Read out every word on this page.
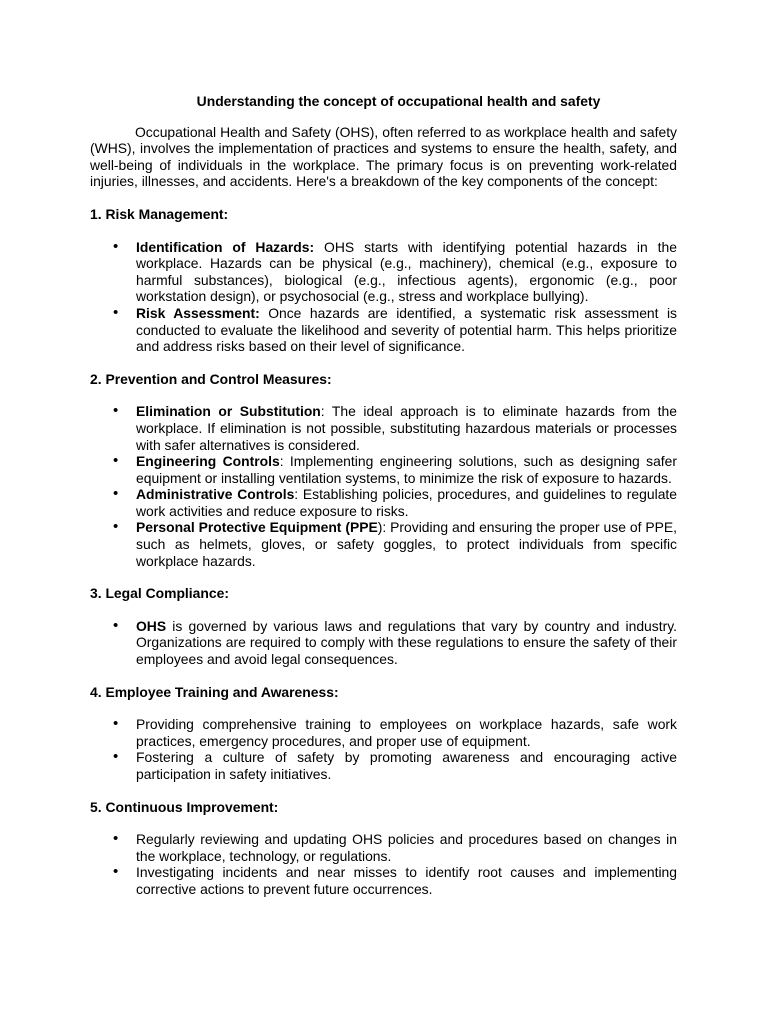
Understanding the concept of occupational health and safety

Occupational Health and Safety (OHS), often referred to as workplace health and safety (WHS), involves the implementation of practices and systems to ensure the health, safety, and well-being of individuals in the workplace. The primary focus is on preventing work-related injuries, illnesses, and accidents. Here's a breakdown of the key components of the concept:

1. Risk Management:
• Identification of Hazards: OHS starts with identifying potential hazards in the workplace. Hazards can be physical (e.g., machinery), chemical (e.g., exposure to harmful substances), biological (e.g., infectious agents), ergonomic (e.g., poor workstation design), or psychosocial (e.g., stress and workplace bullying).
• Risk Assessment: Once hazards are identified, a systematic risk assessment is conducted to evaluate the likelihood and severity of potential harm. This helps prioritize and address risks based on their level of significance.
2. Prevention and Control Measures:
• Elimination or Substitution: The ideal approach is to eliminate hazards from the workplace. If elimination is not possible, substituting hazardous materials or processes with safer alternatives is considered.
• Engineering Controls: Implementing engineering solutions, such as designing safer equipment or installing ventilation systems, to minimize the risk of exposure to hazards.
• Administrative Controls: Establishing policies, procedures, and guidelines to regulate work activities and reduce exposure to risks.
• Personal Protective Equipment (PPE): Providing and ensuring the proper use of PPE, such as helmets, gloves, or safety goggles, to protect individuals from specific workplace hazards.
3. Legal Compliance:
• OHS is governed by various laws and regulations that vary by country and industry. Organizations are required to comply with these regulations to ensure the safety of their employees and avoid legal consequences.
4. Employee Training and Awareness:
• Providing comprehensive training to employees on workplace hazards, safe work practices, emergency procedures, and proper use of equipment.
• Fostering a culture of safety by promoting awareness and encouraging active participation in safety initiatives.
5. Continuous Improvement:
• Regularly reviewing and updating OHS policies and procedures based on changes in the workplace, technology, or regulations.
• Investigating incidents and near misses to identify root causes and implementing corrective actions to prevent future occurrences.
